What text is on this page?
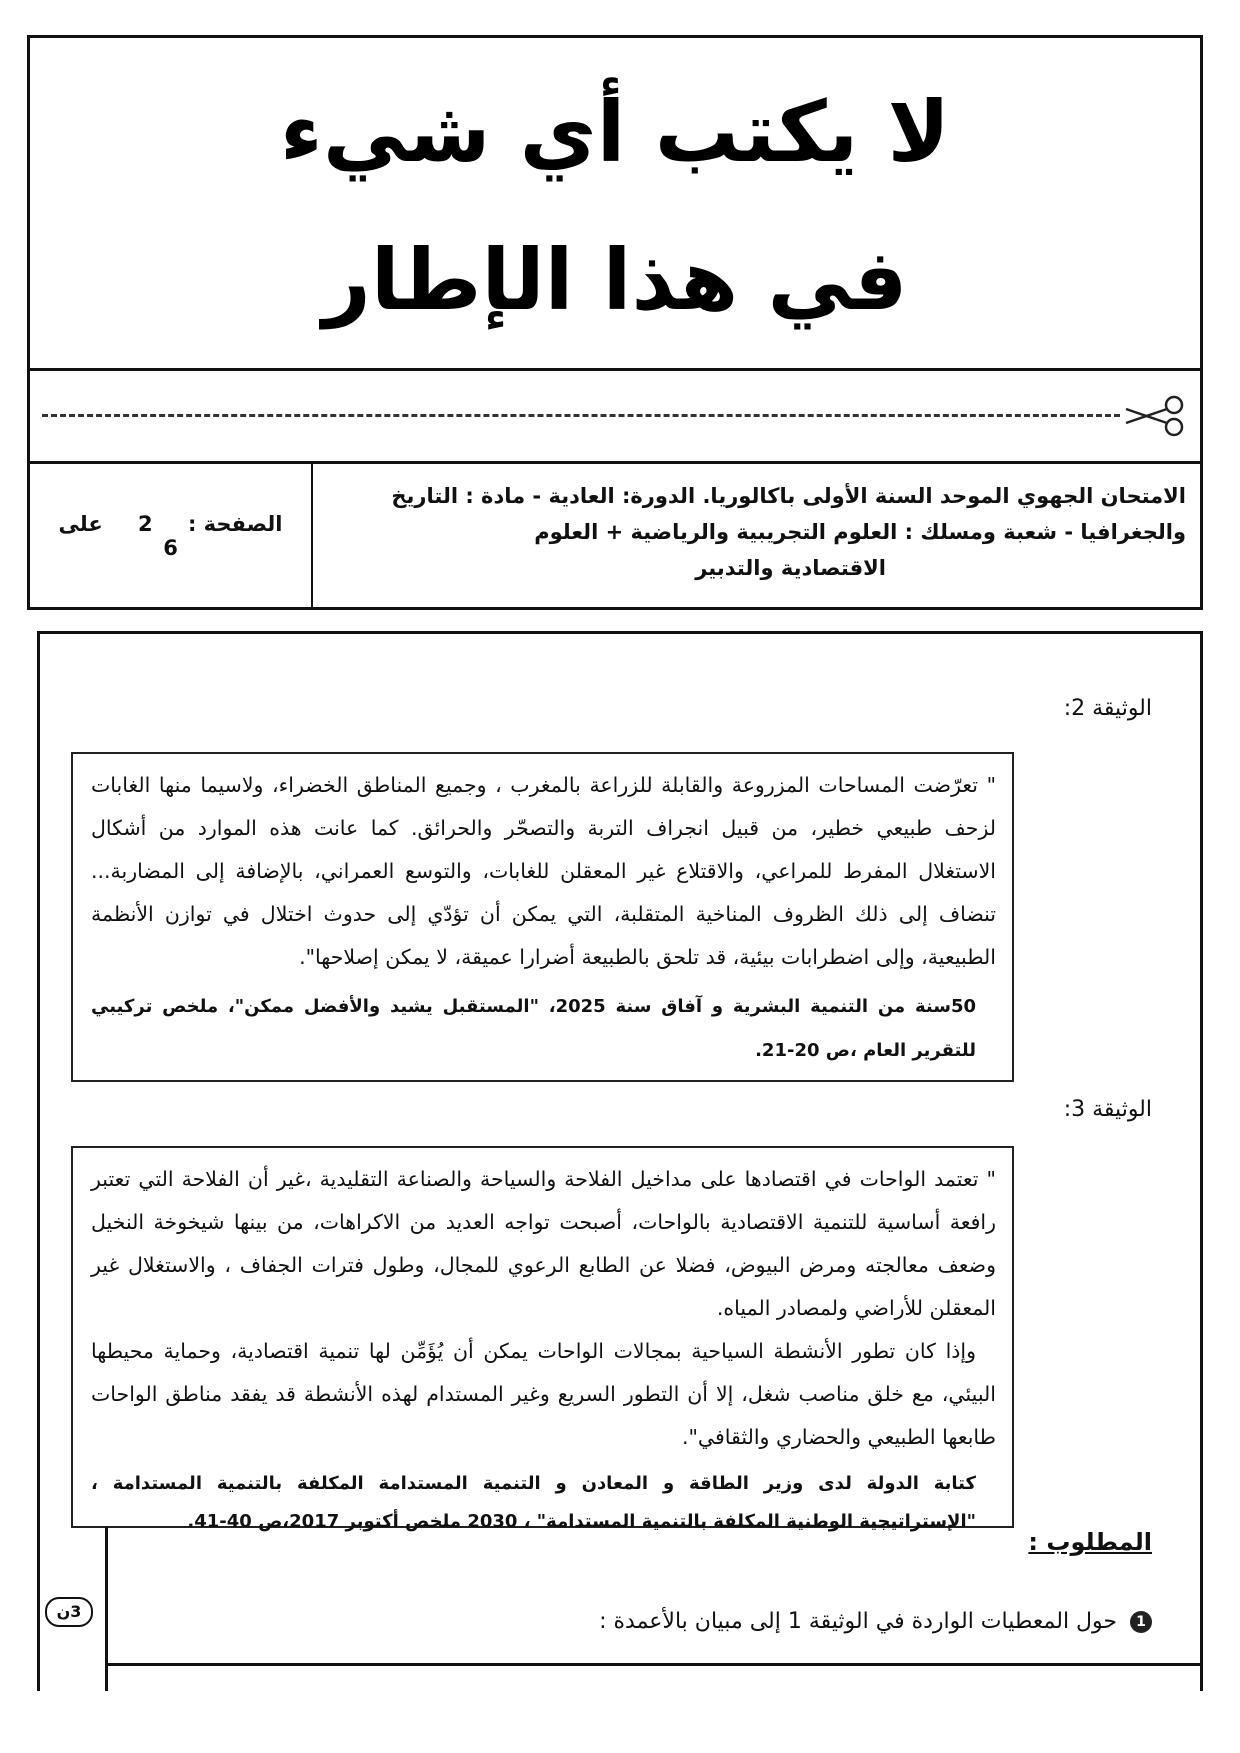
لا يكتب أي شيء
في هذا الإطار
الامتحان الجهوي الموحد السنة الأولى باكالوريا. الدورة: العادية - مادة : التاريخ
والجغرافيا - شعبة ومسلك : العلوم التجريبية والرياضية + العلوم
الاقتصادية والتدبير
الصفحة : 2 على 6
الوثيقة 2:

" تعرّضت المساحات المزروعة والقابلة للزراعة بالمغرب ، وجميع المناطق الخضراء، ولاسيما منها الغابات لزحف طبيعي خطير، من قبيل انجراف التربة والتصحّر والحرائق. كما عانت هذه الموارد من أشكال الاستغلال المفرط للمراعي، والاقتلاع غير المعقلن للغابات، والتوسع العمراني، بالإضافة إلى المضاربة... تنضاف إلى ذلك الظروف المناخية المتقلبة، التي يمكن أن تؤدّي إلى حدوث اختلال في توازن الأنظمة الطبيعية، وإلى اضطرابات بيئية، قد تلحق بالطبيعة أضرارا عميقة، لا يمكن إصلاحها".

50سنة من التنمية البشرية و آفاق سنة 2025، "المستقبل يشيد والأفضل ممكن"، ملخص تركيبي للتقرير العام ،ص 20-21.

الوثيقة 3:

" تعتمد الواحات في اقتصادها على مداخيل الفلاحة والسياحة والصناعة التقليدية ،غير أن الفلاحة التي تعتبر رافعة أساسية للتنمية الاقتصادية بالواحات، أصبحت تواجه العديد من الاكراهات، من بينها شيخوخة النخيل وضعف معالجته ومرض البيوض، فضلا عن الطابع الرعوي للمجال، وطول فترات الجفاف ، والاستغلال غير المعقلن للأراضي ولمصادر المياه.

وإذا كان تطور الأنشطة السياحية بمجالات الواحات يمكن أن يُؤَمِّن لها تنمية اقتصادية، وحماية محيطها البيئي، مع خلق مناصب شغل، إلا أن التطور السريع وغير المستدام لهذه الأنشطة قد يفقد مناطق الواحات طابعها الطبيعي والحضاري والثقافي".

كتابة الدولة لدى وزير الطاقة و المعادن و التنمية المستدامة المكلفة بالتنمية المستدامة ، "الإستراتيجية الوطنية المكلفة بالتنمية المستدامة" ، 2030 ملخص أكتوبر 2017،ص 40-41.

المطلوب :
3ن
1 حول المعطيات الواردة في الوثيقة 1 إلى مبيان بالأعمدة :
